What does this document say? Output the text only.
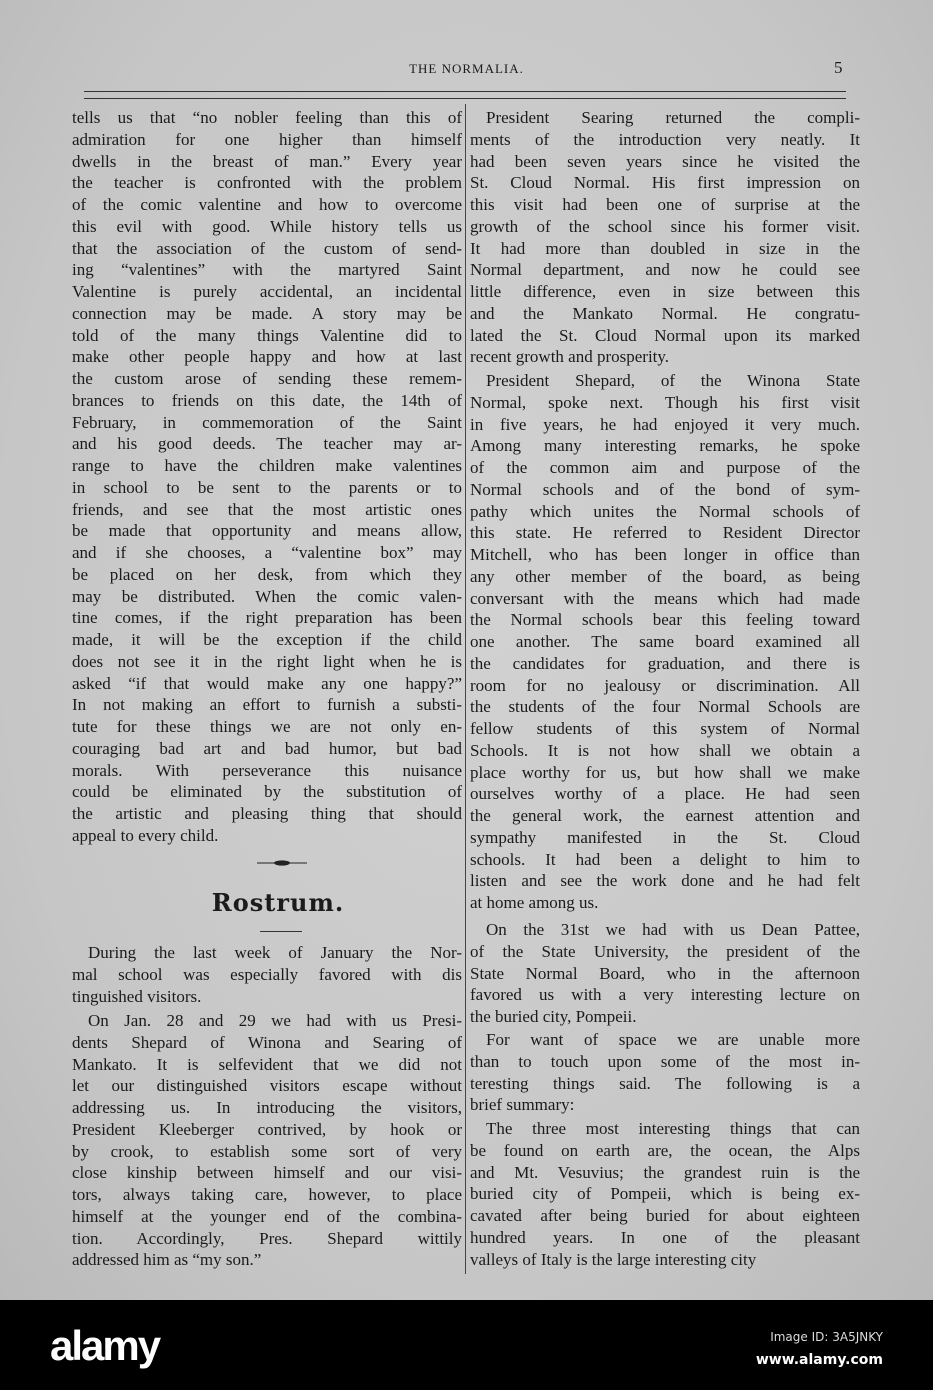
THE NORMALIA.	5
tells us that “no nobler feeling than this of
admiration for one higher than himself
dwells in the breast of man.” Every year
the teacher is confronted with the problem
of the comic valentine and how to overcome
this evil with good. While history tells us
that the association of the custom of send-
ing “valentines” with the martyred Saint
Valentine is purely accidental, an incidental
connection may be made. A story may be
told of the many things Valentine did to
make other people happy and how at last
the custom arose of sending these remem-
brances to friends on this date, the 14th of
February, in commemoration of the Saint
and his good deeds. The teacher may ar-
range to have the children make valentines
in school to be sent to the parents or to
friends, and see that the most artistic ones
be made that opportunity and means allow,
and if she chooses, a “valentine box” may
be placed on her desk, from which they
may be distributed. When the comic valen-
tine comes, if the right preparation has been
made, it will be the exception if the child
does not see it in the right light when he is
asked “if that would make any one happy?”
In not making an effort to furnish a substi-
tute for these things we are not only en-
couraging bad art and bad humor, but bad
morals. With perseverance this nuisance
could be eliminated by the substitution of
the artistic and pleasing thing that should
appeal to every child.
During the last week of January the Nor-
mal school was especially favored with dis
tinguished visitors.
On Jan. 28 and 29 we had with us Presi-
dents Shepard of Winona and Searing of
Mankato. It is selfevident that we did not
let our distinguished visitors escape without
addressing us. In introducing the visitors,
President Kleeberger contrived, by hook or
by crook, to establish some sort of very
close kinship between himself and our visi-
tors, always taking care, however, to place
himself at the younger end of the combina-
tion. Accordingly, Pres. Shepard wittily
addressed him as “my son.”
President Searing returned the compli-
ments of the introduction very neatly. It
had been seven years since he visited the
St. Cloud Normal. His first impression on
this visit had been one of surprise at the
growth of the school since his former visit.
It had more than doubled in size in the
Normal department, and now he could see
little difference, even in size between this
and the Mankato Normal. He congratu-
lated the St. Cloud Normal upon its marked
recent growth and prosperity.
President Shepard, of the Winona State
Normal, spoke next. Though his first visit
in five years, he had enjoyed it very much.
Among many interesting remarks, he spoke
of the common aim and purpose of the
Normal schools and of the bond of sym-
pathy which unites the Normal schools of
this state. He referred to Resident Director
Mitchell, who has been longer in office than
any other member of the board, as being
conversant with the means which had made
the Normal schools bear this feeling toward
one another. The same board examined all
the candidates for graduation, and there is
room for no jealousy or discrimination. All
the students of the four Normal Schools are
fellow students of this system of Normal
Schools. It is not how shall we obtain a
place worthy for us, but how shall we make
ourselves worthy of a place. He had seen
the general work, the earnest attention and
sympathy manifested in the St. Cloud
schools. It had been a delight to him to
listen and see the work done and he had felt
at home among us.
On the 31st we had with us Dean Pattee,
of the State University, the president of the
State Normal Board, who in the afternoon
favored us with a very interesting lecture on
the buried city, Pompeii.
For want of space we are unable more
than to touch upon some of the most in-
teresting things said. The following is a
brief summary:
The three most interesting things that can
be found on earth are, the ocean, the Alps
and Mt. Vesuvius; the grandest ruin is the
buried city of Pompeii, which is being ex-
cavated after being buried for about eighteen
hundred years. In one of the pleasant
valleys of Italy is the large interesting city
Rostrum.
alamy	Image ID: 3A5JNKY
www.alamy.com
